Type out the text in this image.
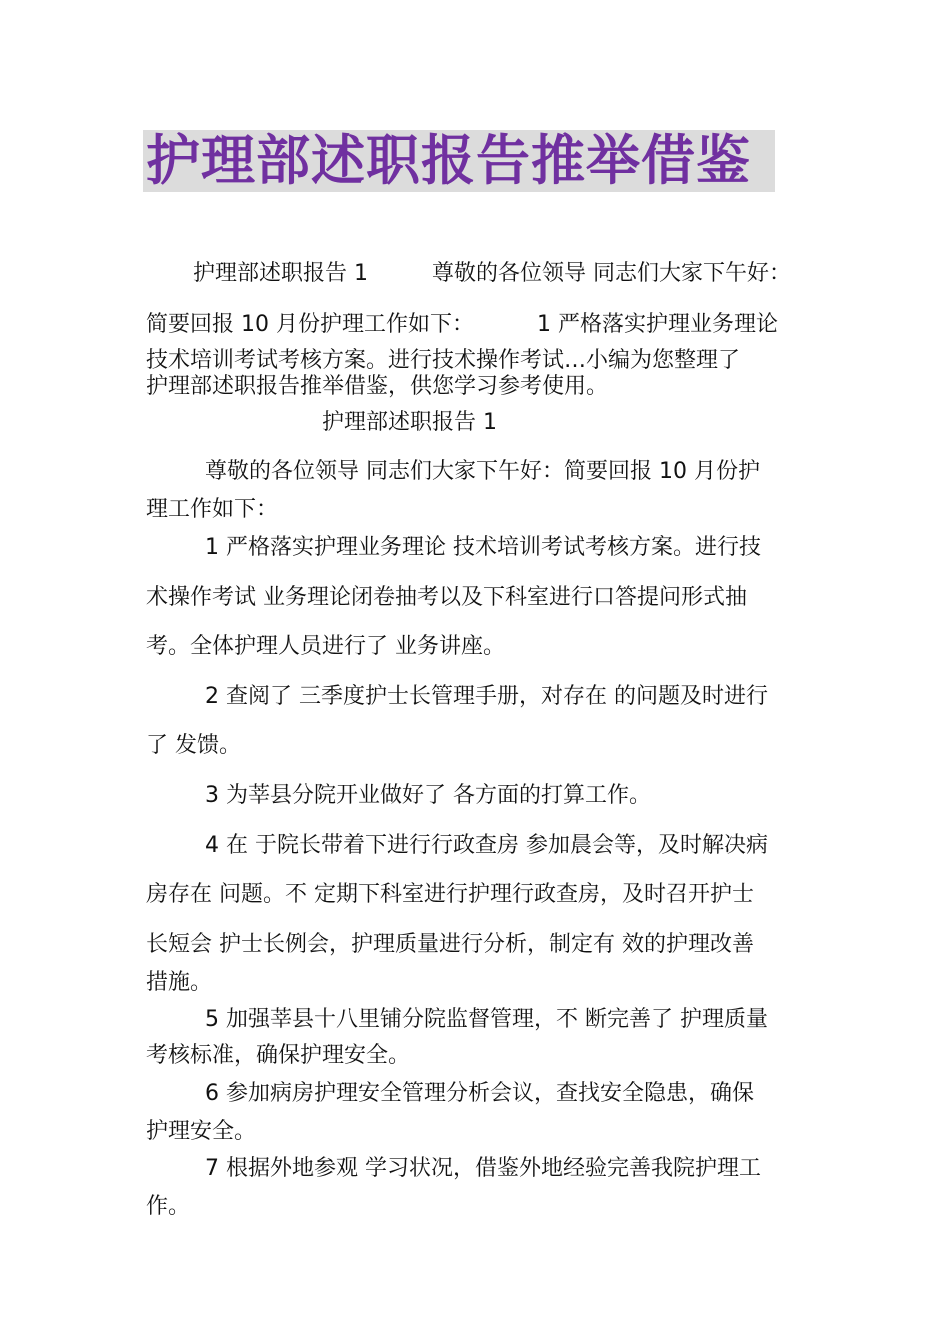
护理部述职报告推举借鉴
护理部述职报告 1	尊敬的各位领导 同志们大家下午好：
简要回报 10 月份护理工作如下：	1 严格落实护理业务理论
技术培训考试考核方案。进行技术操作考试…小编为您整理了
护理部述职报告推举借鉴，供您学习参考使用。
护理部述职报告 1
尊敬的各位领导 同志们大家下午好：简要回报 10 月份护
理工作如下：
1 严格落实护理业务理论 技术培训考试考核方案。进行技
术操作考试 业务理论闭卷抽考以及下科室进行口答提问形式抽
考。全体护理人员进行了 业务讲座。
2 查阅了 三季度护士长管理手册，对存在 的问题及时进行
了 发馈。
3 为莘县分院开业做好了 各方面的打算工作。
4 在 于院长带着下进行行政查房 参加晨会等，及时解决病
房存在 问题。不 定期下科室进行护理行政查房，及时召开护士
长短会 护士长例会，护理质量进行分析，制定有 效的护理改善
措施。
5 加强莘县十八里铺分院监督管理，不 断完善了 护理质量
考核标准，确保护理安全。
6 参加病房护理安全管理分析会议，查找安全隐患，确保
护理安全。
7 根据外地参观 学习状况，借鉴外地经验完善我院护理工
作。
